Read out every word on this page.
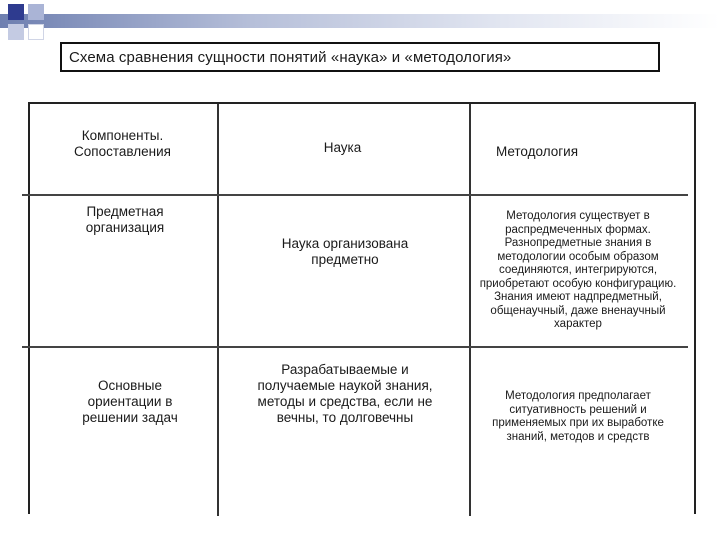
Схема сравнения сущности понятий «наука» и «методология»
Компоненты. Сопоставления	Наука	Методология
Предметная организация
Наука организована предметно
Методология существует в распредмеченных формах. Разнопредметные знания в методологии особым образом соединяются, интегрируются, приобретают особую конфигурацию. Знания имеют надпредметный, общенаучный, даже вненаучный характер
Основные ориентации в решении задач
Разрабатываемые и получаемые наукой знания, методы и средства, если не вечны, то долговечны
Методология предполагает ситуативность решений и применяемых при их выработке знаний, методов и средств
